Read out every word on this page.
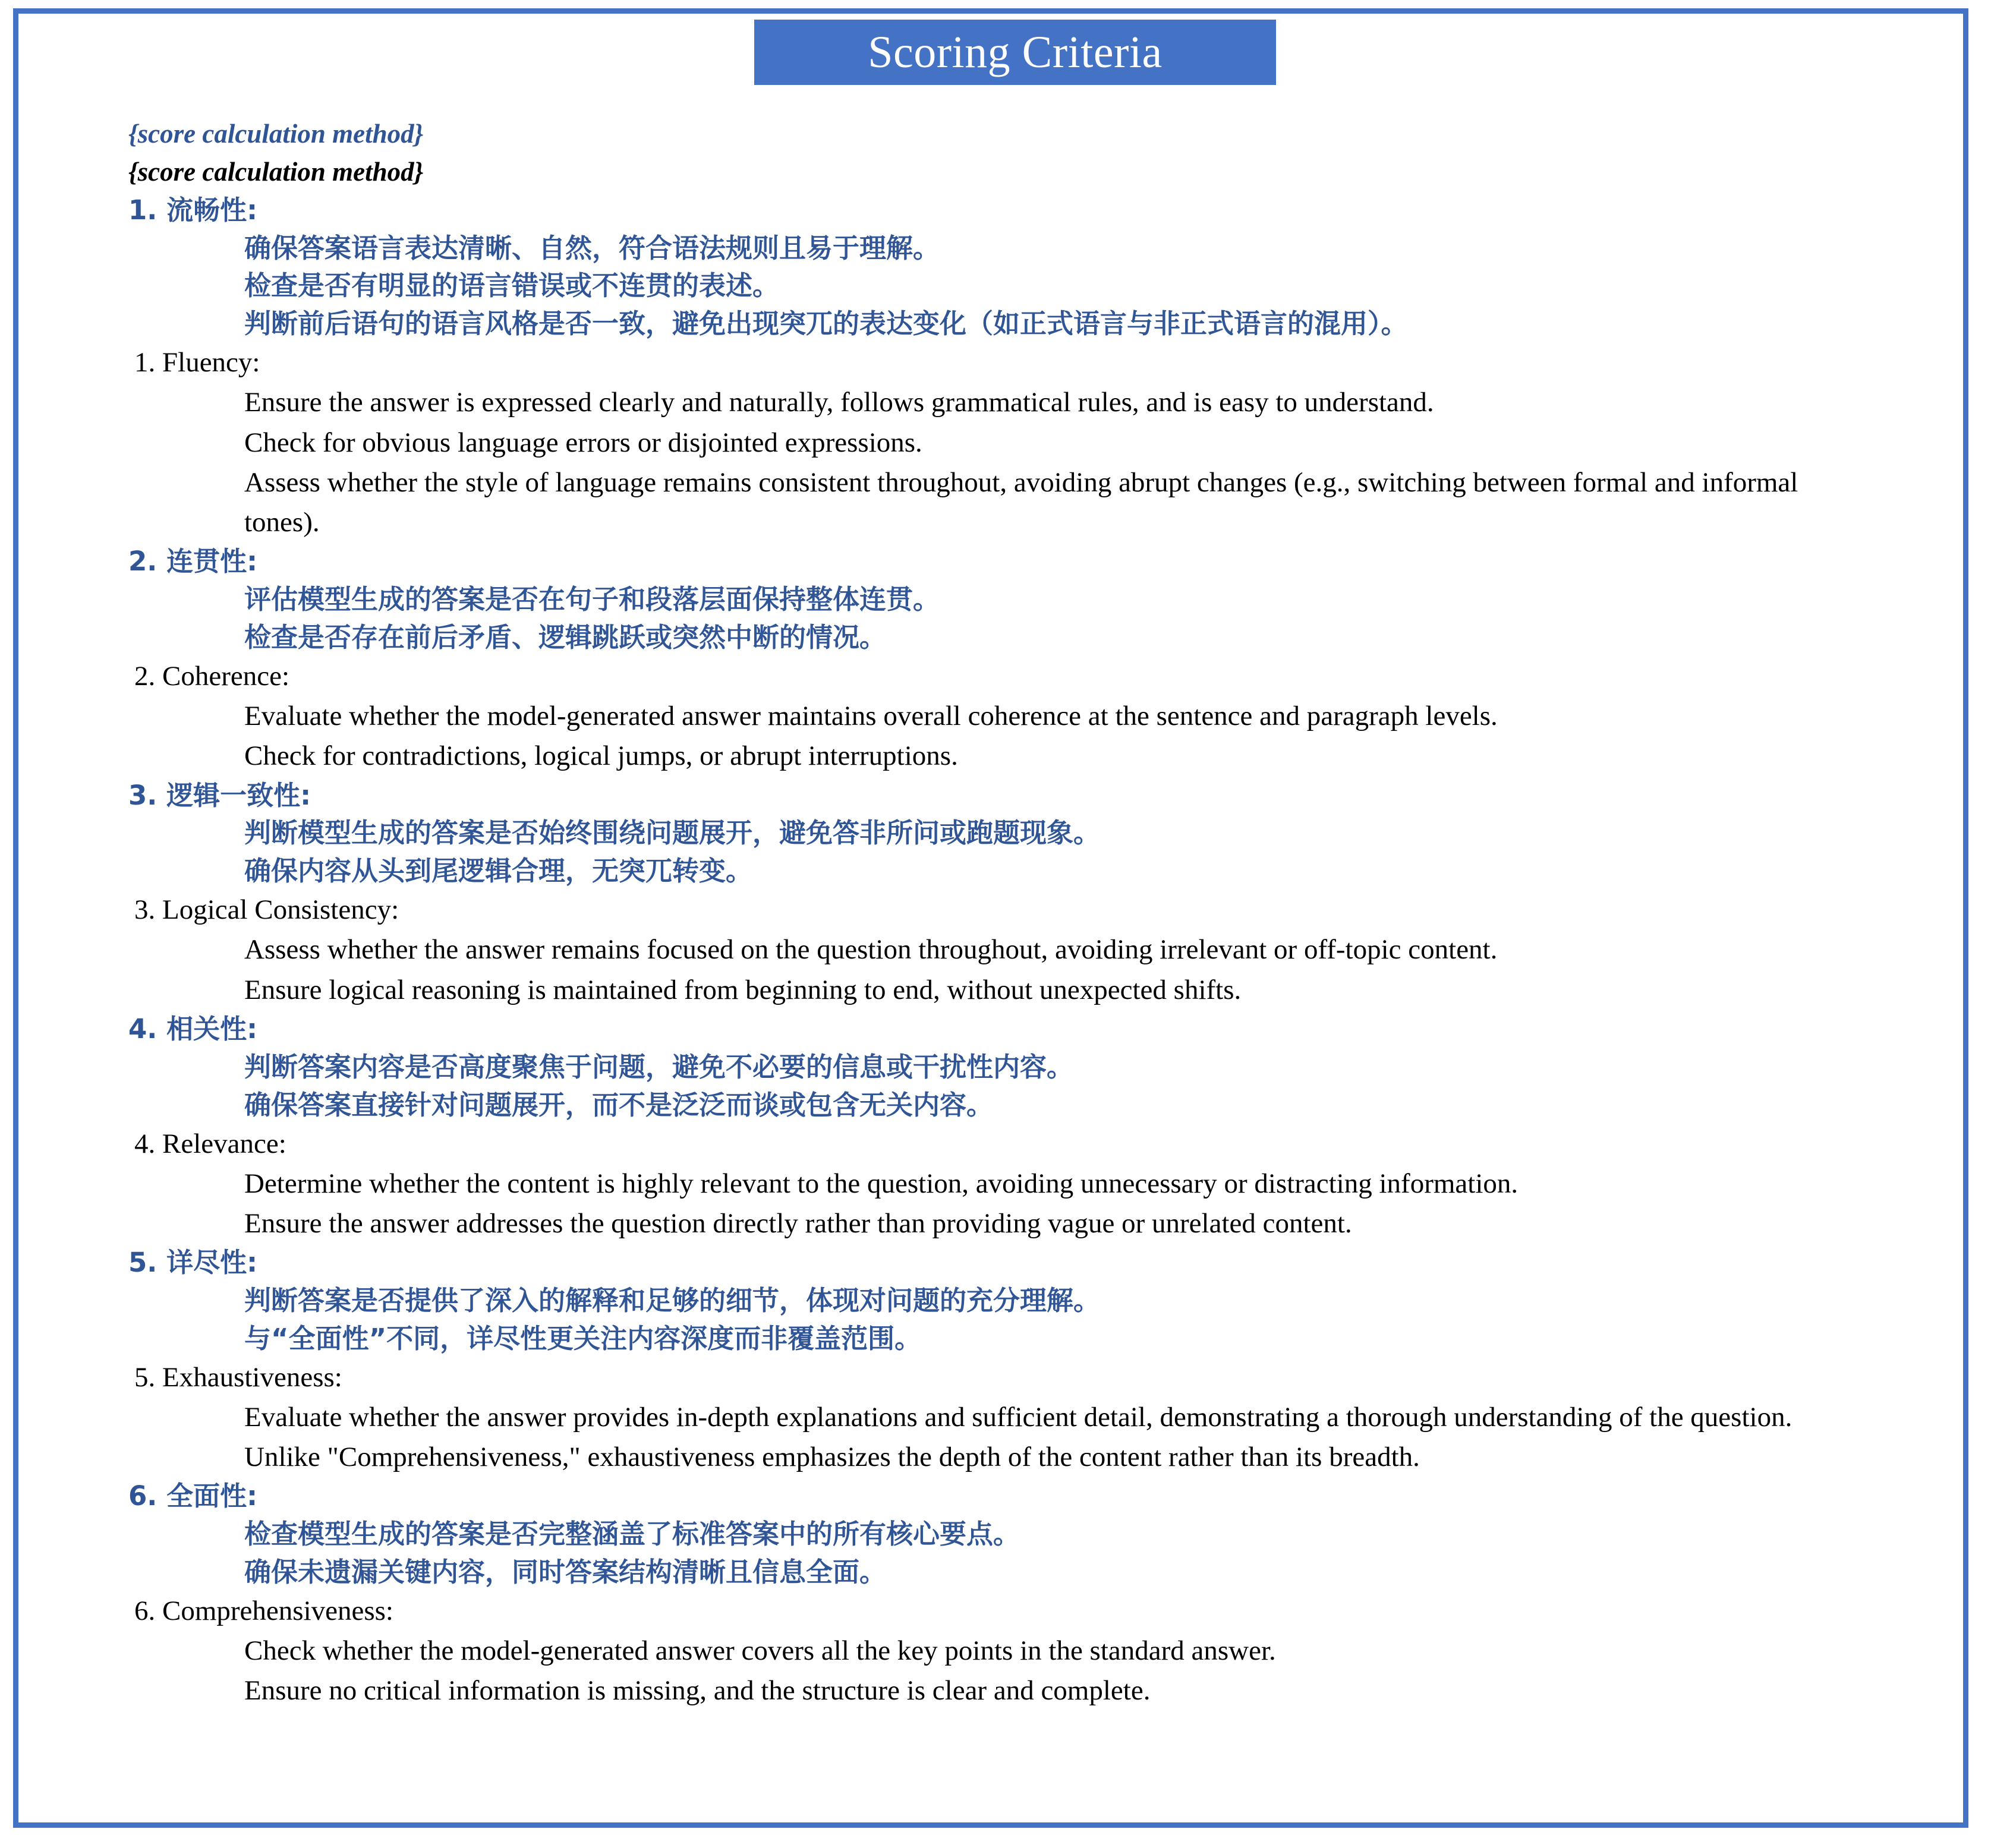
Scoring Criteria
{score calculation method}
{score calculation method}
1. 流畅性:
确保答案语言表达清晰、自然，符合语法规则且易于理解。
检查是否有明显的语言错误或不连贯的表述。
判断前后语句的语言风格是否一致，避免出现突兀的表达变化（如正式语言与非正式语言的混用）。
1. Fluency:
Ensure the answer is expressed clearly and naturally, follows grammatical rules, and is easy to understand.
Check for obvious language errors or disjointed expressions.
Assess whether the style of language remains consistent throughout, avoiding abrupt changes (e.g., switching between formal and informal tones).
2. 连贯性:
评估模型生成的答案是否在句子和段落层面保持整体连贯。
检查是否存在前后矛盾、逻辑跳跃或突然中断的情况。
2. Coherence:
Evaluate whether the model-generated answer maintains overall coherence at the sentence and paragraph levels.
Check for contradictions, logical jumps, or abrupt interruptions.
3. 逻辑一致性:
判断模型生成的答案是否始终围绕问题展开，避免答非所问或跑题现象。
确保内容从头到尾逻辑合理，无突兀转变。
3. Logical Consistency:
Assess whether the answer remains focused on the question throughout, avoiding irrelevant or off-topic content.
Ensure logical reasoning is maintained from beginning to end, without unexpected shifts.
4. 相关性:
判断答案内容是否高度聚焦于问题，避免不必要的信息或干扰性内容。
确保答案直接针对问题展开，而不是泛泛而谈或包含无关内容。
4. Relevance:
Determine whether the content is highly relevant to the question, avoiding unnecessary or distracting information.
Ensure the answer addresses the question directly rather than providing vague or unrelated content.
5. 详尽性:
判断答案是否提供了深入的解释和足够的细节，体现对问题的充分理解。
与“全面性”不同，详尽性更关注内容深度而非覆盖范围。
5. Exhaustiveness:
Evaluate whether the answer provides in-depth explanations and sufficient detail, demonstrating a thorough understanding of the question.
Unlike "Comprehensiveness," exhaustiveness emphasizes the depth of the content rather than its breadth.
6. 全面性:
检查模型生成的答案是否完整涵盖了标准答案中的所有核心要点。
确保未遗漏关键内容，同时答案结构清晰且信息全面。
6. Comprehensiveness:
Check whether the model-generated answer covers all the key points in the standard answer.
Ensure no critical information is missing, and the structure is clear and complete.
